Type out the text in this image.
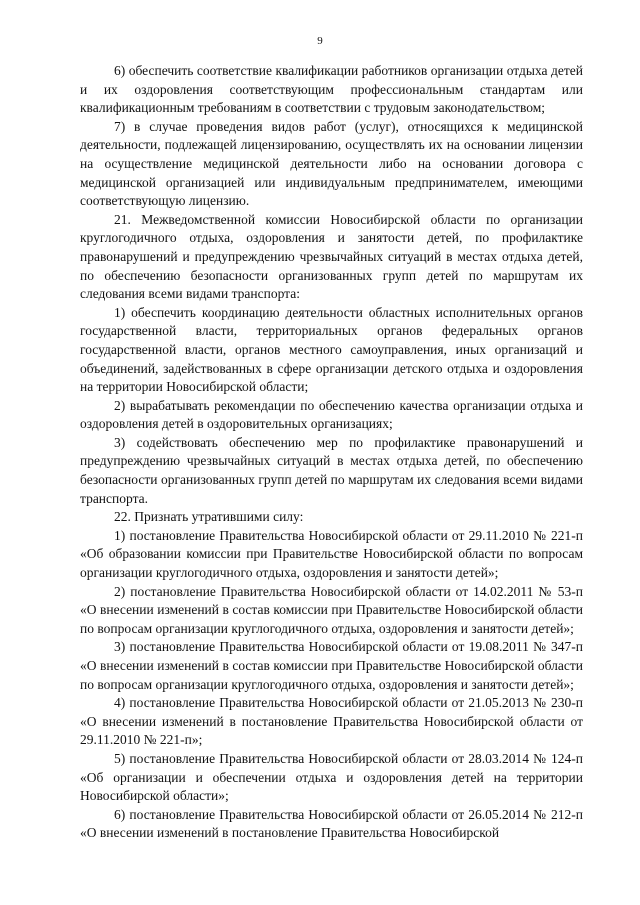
9

6) обеспечить соответствие квалификации работников организации отдыха детей и их оздоровления соответствующим профессиональным стандартам или квалификационным требованиям в соответствии с трудовым законодательством;

7) в случае проведения видов работ (услуг), относящихся к медицинской деятельности, подлежащей лицензированию, осуществлять их на основании лицензии на осуществление медицинской деятельности либо на основании договора с медицинской организацией или индивидуальным предпринимателем, имеющими соответствующую лицензию.

21. Межведомственной комиссии Новосибирской области по организации круглогодичного отдыха, оздоровления и занятости детей, по профилактике правонарушений и предупреждению чрезвычайных ситуаций в местах отдыха детей, по обеспечению безопасности организованных групп детей по маршрутам их следования всеми видами транспорта:

1) обеспечить координацию деятельности областных исполнительных органов государственной власти, территориальных органов федеральных органов государственной власти, органов местного самоуправления, иных организаций и объединений, задействованных в сфере организации детского отдыха и оздоровления на территории Новосибирской области;

2) вырабатывать рекомендации по обеспечению качества организации отдыха и оздоровления детей в оздоровительных организациях;

3) содействовать обеспечению мер по профилактике правонарушений и предупреждению чрезвычайных ситуаций в местах отдыха детей, по обеспечению безопасности организованных групп детей по маршрутам их следования всеми видами транспорта.

22. Признать утратившими силу:

1) постановление Правительства Новосибирской области от 29.11.2010 № 221-п «Об образовании комиссии при Правительстве Новосибирской области по вопросам организации круглогодичного отдыха, оздоровления и занятости детей»;

2) постановление Правительства Новосибирской области от 14.02.2011 № 53-п «О внесении изменений в состав комиссии при Правительстве Новосибирской области по вопросам организации круглогодичного отдыха, оздоровления и занятости детей»;

3) постановление Правительства Новосибирской области от 19.08.2011 № 347-п «О внесении изменений в состав комиссии при Правительстве Новосибирской области по вопросам организации круглогодичного отдыха, оздоровления и занятости детей»;

4) постановление Правительства Новосибирской области от 21.05.2013 № 230-п «О внесении изменений в постановление Правительства Новосибирской области от 29.11.2010 № 221-п»;

5) постановление Правительства Новосибирской области от 28.03.2014 № 124-п «Об организации и обеспечении отдыха и оздоровления детей на территории Новосибирской области»;

6) постановление Правительства Новосибирской области от 26.05.2014 № 212-п «О внесении изменений в постановление Правительства Новосибирской
